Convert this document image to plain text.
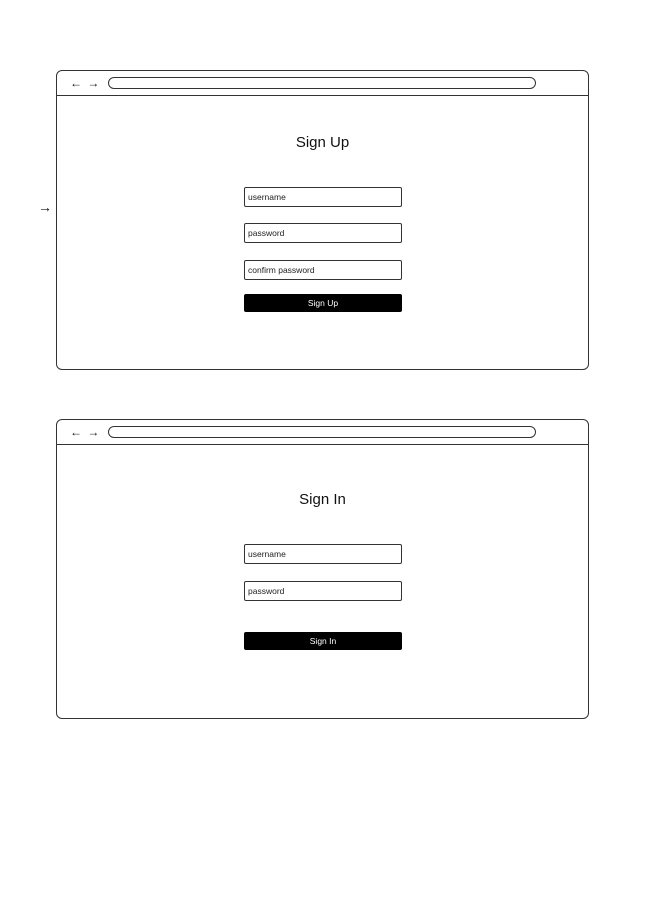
→
← →
Sign Up
username
password
confirm password
Sign Up
← →
Sign In
username
password
Sign In
